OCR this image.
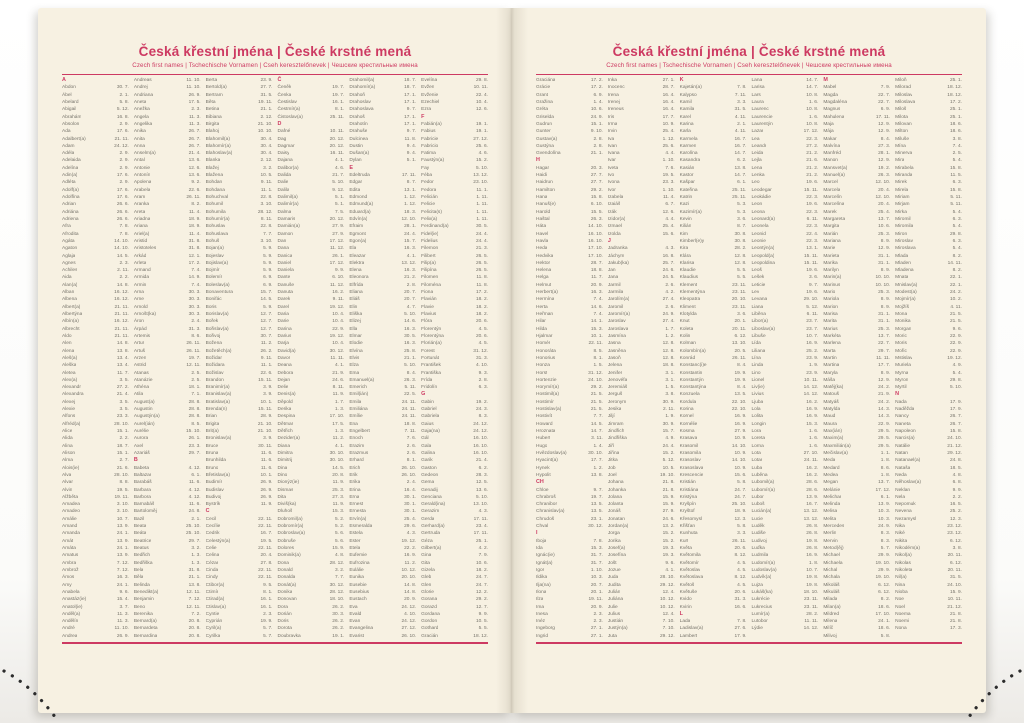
Česká křestní jména | České krstné mená
Czech first names | Tschechische Vornamen | Cseh keresztelőnevek | Чешские крестильные имена
A
Abdon	30. 7.
Ábel	2. 1.
Abelard	5. 8.
Abigail	5. 12.
Abrahám	16. 8.
Absolon	2. 9.
Ada	17. 6.
Adalbert(a)	21. 11.
Adam	24. 12.
Adéla	2. 9.
Adelaida	2. 9.
Adelína	2. 9.
Adin(a)	17. 6.
Adléta	2. 9.
Adolf(a)	17. 6.
Adolfína	17. 6.
Adrian	26. 6.
Adriána	26. 6.
Adriena	26. 6.
Afra	7. 8.
Afrodita	7. 8.
Agáta	14. 10.
Agaton	14. 10.
Aglaja	14. 5.
Agnes	2. 3.
Achiles	2. 11.
Aida	2. 2.
Alan(a)	14. 8.
Alban	16. 12.
Albena	16. 12.
Albert(a)	21. 11.
Albertýna	21. 11.
Albín(a)	16. 12.
Albrecht	21. 11.
Aldo	21. 11.
Alen	14. 8.
Alena	13. 8.
Aleš(a)	13. 4.
Aleška	13. 4.
Aletea	11. 7.
Alex(a)	3. 5.
Alexandr	27. 2.
Alexandra	21. 4.
Alexej	3. 5.
Alexie	3. 5.
Alfons	23. 3.
Alfréd(a)	28. 10.
Alice	15. 1.
Alida	2. 2.
Alina	18. 7.
Alison	15. 1.
Alma	2. 7.
Alois(ie)	21. 6.
Alva	28. 10.
Alvar	8. 8.
Alvin	19. 5.
Alžběta	19. 11.
Amadea	3. 10.
Amadeo	3. 10.
Amálie	10. 7.
Amand	13. 9.
Amanda	24. 1.
Amát	13. 9.
Amáta	24. 1.
Amatus	13. 9.
Ambra	7. 12.
Ambrož	7. 12.
Ámos	16. 3.
Amy	24. 1.
Anabela	9. 6.
Anastáz(ie)	15. 4.
Anatol(ie)	3. 7.
Anděl(a)	11. 3.
Andělín	11. 3.
André	11. 10.
Andrea	26. 9.
Andreas	11. 10.
Andrej	11. 10.
Andriana	26. 9.
Aneta	17. 5.
Anežka	2. 3.
Angela	11. 3.
Angelika	11. 3.
Anika	26. 7.
Anita	26. 7.
Anna	26. 7.
Anselm(a)	21. 4.
Antal	13. 6.
Antonie	12. 6.
Antonín	13. 6.
Apolena	9. 2.
Arabela	22. 6.
Aram	26. 11.
Aranka	8. 2.
Areta	11. 4.
Ariadna	18. 9.
Ariana	18. 9.
Ariel(a)	11. 4.
Aristid	31. 8.
Aristoteles	31. 8.
Arkád	12. 1.
Arleta	17. 2.
Armand	7. 4.
Armida	14. 9.
Armin	7. 4.
Arna	30. 3.
Arne	30. 3.
Arnold	30. 3.
Arnošt(ka)	30. 3.
Áron	2. 4.
Árpád	31. 3.
Artemis	8. 6.
Artur	26. 11.
Artuš	26. 11.
Arzen	19. 7.
Astrid	12. 11.
Atanas	2. 5.
Atanázie	2. 5.
Athéna	18. 1.
Atila	7. 1.
August(a)	28. 8.
Augustin	28. 8.
Augustýn(a)	28. 8.
Aurel(ián)	8. 5.
Aurélie	15. 10.
Aurora	26. 1.
Axel	23. 3.
Azariáš	29. 7.
B
Babeta	4. 12.
Baltazar	6. 1.
Barabáš	11. 6.
Barbara	4. 12.
Barbora	4. 12.
Barnabáš	11. 6.
Bartoloměj	24. 8.
Bazil	2. 1.
Beata	25. 10.
Beáta	25. 10.
Beatrice	29. 7.
Beatus	3. 2.
Bedřich	1. 3.
Bedřiška	1. 3.
Bela	31. 8.
Běla	21. 1.
Belinda	13. 8.
Benedikt(a)	12. 11.
Benjamin	7. 12.
Beno	12. 11.
Berenika	7. 2.
Bernard(a)	20. 8.
Bernardeta	20. 8.
Bernardina	20. 8.
Berta	23. 9.
Bertold(a)	27. 7.
Bertram	31. 5.
Běta	19. 11.
Betina	21. 1.
Bibiana	2. 12.
Birgita	21. 10.
Blahoj	10. 10.
Blahomil(a)	30. 4.
Blahomír(a)	30. 4.
Blahoslav(a)	30. 4.
Blanka	2. 12.
Blažej	3. 2.
Blažena	10. 5.
Bohdan	9. 11.
Bohdana	11. 1.
Bohuchval	22. 8.
Bohumil	3. 10.
Bohumila	28. 12.
Bohumír(a)	8. 11.
Bohuslav	22. 8.
Bohuslava	7. 7.
Bohuš	3. 10.
Bojan(a)	5. 9.
Bojeslav	5. 9.
Bojislav(a)	5. 9.
Bojmír	5. 9.
Bolemír	6. 9.
Boleslav(a)	6. 9.
Bonaventura	15. 7.
Bonifác	14. 5.
Boris	5. 9.
Borislav(a)	12. 7.
Bořek	12. 7.
Bořislav(a)	12. 7.
Bořivoj	30. 7.
Božena	11. 2.
Božetěch(a)	26. 2.
Božidar	9. 11.
Božidara	11. 1.
Božislav	22. 6.
Brandon	15. 11.
Branimír(a)	3. 9.
Branislav(a)	3. 9.
Bratislav(a)	10. 1.
Brenda(n)	15. 11.
Brian	28. 9.
Brigita	21. 10.
Brit(a)	21. 10.
Bronislav(a)	3. 9.
Bruce	30. 11.
Bruna	11. 6.
Brunhilda	11. 6.
Bruno	11. 6.
Břetislav(a)	10. 1.
Budimír	26. 9.
Budislav	26. 9.
Budivoj	26. 9.
Bystrík	11. 9.
C
Cecil	22. 11.
Cecílie	22. 11.
Cedrik	16. 7.
Celestýn(a)	19. 5.
Celie	22. 11.
Celina	20. 4.
Cézar	27. 8.
Cinda	22. 11.
Cindy	22. 11.
Ctibor(a)	9. 5.
Ctimír	8. 1.
Ctirad(a)	16. 1.
Ctislav(a)	16. 1.
Cyntie	2. 3.
Cyprián	19. 9.
Cyril(a)	5. 7.
Cyrilka	5. 7.
Č
Čeněk	19. 7.
Čenka	19. 7.
Čestislav	16. 1.
Čestmír(a)	8. 1.
Čistoslav(a)	25. 11.
D
Dafné	10. 11.
Dag	20. 12.
Dagmar	20. 12.
Daisy	16. 11.
Dajana	4. 1.
Dalibor(a)	4. 6.
Dalida	21. 7.
Dalie	5. 10.
Dalila	9. 12.
Dalimil(a)	5. 1.
Dalimír(a)	5. 1.
Dalma	7. 5.
Damaris	20. 12.
Damián(a)	27. 9.
Damon	27. 9.
Dan	17. 12.
Dana	11. 12.
Danica	26. 1.
Daniel	17. 12.
Daniela	9. 9.
Dante	6. 10.
Danuše	11. 12.
Danuta	16. 2.
Darek	9. 11.
Darel	19. 12.
Daria	10. 4.
Darie	10. 4.
Darina	22. 9.
Darius	19. 12.
Darja	10. 4.
David(a)	30. 12.
Davor	11. 11.
Deana	4. 1.
Debora	21. 9.
Dejan	24. 6.
Delie	8. 11.
Denis(a)	11. 9.
Děpold	1. 7.
Derika	1. 3.
Despina	17. 10.
Dětmar	17. 5.
Dětřich	1. 3.
Dezider(a)	11. 2.
Diana	4. 1.
Dimitra	30. 10.
Dimitrij	30. 10.
Dina	14. 5.
Dino	20. 8.
Dionýz(ie)	11. 9.
Dismas	25. 3.
Dita	27. 3.
Diviš(ka)	11. 9.
Dluhoš	15. 3.
Dobromil(a)	5. 2.
Dobromír(a)	5. 2.
Dobroslav(a)	5. 6.
Dobruše	5. 6.
Dolores	15. 9.
Dominik(a)	4. 8.
Dona	28. 12.
Donald	3. 2.
Donalda	7. 7.
Donát(a)	30. 12.
Donika	28. 12.
Donovan	18. 10.
Dora	26. 2.
Dorián	30. 3.
Doris	26. 2.
Dorota	26. 2.
Doubravka	19. 1.
Drahomil(a)	18. 7.
Drahomír(a)	18. 7.
Drahoň	17. 1.
Drahoslav	17. 1.
Drahoslava	9. 7.
Drahoš	17. 1.
Drahotín	17. 1.
Drahuše	9. 7.
Dulcinea	11. 8.
Dustin	9. 4.
Dušan(a)	9. 4.
Dylan	5. 1.
E
Edeltruda	17. 11.
Edgar	8. 7.
Edita	13. 1.
Edmond	1. 12.
Edmund(a)	1. 12.
Eduard(a)	18. 3.
Edvín(a)	12. 10.
Efraim	28. 1.
Egmont	24. 4.
Egon(a)	15. 7.
Ela	16. 3.
Eleazar	4. 1.
Elektra	13. 12.
Elena	16. 3.
Eleonora	21. 2.
Elfrída	2. 8.
Eliana	20. 7.
Eliáš	20. 7.
Elin	4. 7.
Eliška	5. 10.
Elizej	14. 6.
Ella	16. 3.
Elmar	30. 5.
Elodie	16. 3.
Elvína	25. 8.
Elvis	21. 1.
Elza	5. 10.
Ema	8. 4.
Emanuel(a)	26. 3.
Emerich	5. 11.
Emil(ián)	22. 5.
Emila	24. 11.
Emiliána	24. 11.
Emílie	24. 11.
Ena	18. 8.
Engelbert	7. 11.
Enoch	7. 6.
Erazim	2. 6.
Erazmus	2. 6.
Erhard	8. 1.
Erich	26. 10.
Erik	26. 10.
Erika	2. 4.
Erina	16. 4.
Erna	30. 1.
Ernest	30. 1.
Ernesta	30. 1.
Ervín(a)	25. 4.
Esmeralda	29. 6.
Estela	4. 3.
Ester	19. 12.
Etela	22. 2.
Eufemie	16. 9.
Eufrozina	11. 2.
Eulálie	10. 12.
Eunika	20. 10.
Eusebie	14. 8.
Eusebius	14. 8.
Eustach	20. 9.
Eva	24. 12.
Evald	4. 10.
Evan	24. 12.
Evangelina	27. 12.
Evarist	26. 10.
Evelína	29. 8.
Evžen	10. 11.
Evženie	22. 4.
Ezechiel	10. 4.
Ezra	12. 6.
F
Fabián(a)	19. 1.
Fabius	19. 1.
Fabricie	27. 12.
Fabricio	25. 6.
Fatima	4. 6.
Faustýn(a)	15. 2.
Fay	5. 10.
Féba	13. 12.
Fedor	23. 10.
Fedora	11. 1.
Felicián	1. 11.
Felicie	1. 11.
Felicita(s)	1. 11.
Felix(a)	1. 11.
Ferdinand(a)	30. 5.
Fidel(ie)	24. 4.
Fidelius	24. 4.
Filemon	21. 3.
Filibert	26. 5.
Filip(a)	26. 5.
Filipína	26. 5.
Filomen	11. 8.
Filoména	11. 8.
Fiona	17. 2.
Flavián	18. 2.
Flavie	18. 2.
Flavius	18. 2.
Flóra	20. 6.
Florentýn	4. 5.
Florentýna	20. 6.
Florián(a)	4. 5.
Forest	31. 12.
Fortunát	31. 3.
František	4. 10.
Františka	9. 3.
Frída	2. 8.
Fridolín	6. 3.
G
Gabin	19. 2.
Gabriel	24. 3.
Gabriela	8. 3.
Gaius	24. 12.
Gaja(na)	24. 12.
Gál	16. 10.
Gala	16. 10.
Galina	16. 10.
Garik	21. 4.
Gaston	6. 2.
Gedeon	28. 3.
Gema	12. 5.
Genadij	13. 6.
Genciana	5. 10.
Gerald(ina)	13. 10.
Gerazim	4. 3.
Gerda	17. 11.
Gerhard(a)	23. 4.
Gertruda	17. 11.
Géza	25. 1.
Gilbert(a)	4. 2.
Gina	7. 9.
Gita	10. 6.
Gizela	18. 2.
Gleb	24. 7.
Glen	24. 7.
Glorie	12. 2.
Gorana	29. 2.
Gorazd	12. 7.
Gordana	9. 9.
Gordon	10. 5.
Gothard	5. 5.
Gracián	18. 12.
Česká křestní jména | České krstné mená
Czech first names | Tschechische Vornamen | Cseh keresztelőnevek | Чешские крестильные имена
Graciána	17. 2.
Grácie	17. 2.
Grant	6. 9.
Gražina	1. 4.
Gréta	10. 6.
Griselda	24. 9.
Gudrun	15. 1.
Gunter	9. 10.
Gustav(a)	2. 8.
Gustýna	2. 8.
Gvendolína	21. 1.
H
Hagar	20. 3.
Haidi	27. 7.
Haidrun	27. 7.
Hamilton	29. 2.
Hana	15. 8.
Hanuš(e)	6. 10.
Harold	15. 5.
Haštal	26. 3.
Háta	14. 10.
Havel	16. 10.
Havla	16. 10.
Heda	17. 10.
Hedvika	17. 10.
Hektor	28. 7.
Helena	18. 8.
Helga	11. 7.
Helmut	20. 9.
Herbert(a)	16. 3.
Hermína	7. 4.
Herta	14. 6.
Heřman	7. 4.
Hilar	14. 1.
Hilda	15. 3.
Hjalmar	10. 1.
Homér	22. 11.
Honoráta	8. 5.
Honorius	8. 1.
Honza	1. 5.
Horst	31. 12.
Hortenzie	24. 10.
Horymír(a)	29. 2.
Hostimil(a)	21. 5.
Hostimír	21. 5.
Hostislav(a)	21. 5.
Hostivít	7. 7.
Howard	14. 5.
Hroznata	14. 7.
Hubert	3. 11.
Hugo	1. 4.
Hvězdoslav(a)	30. 10.
Hyacint(a)	17. 7.
Hynek	1. 2.
Hypolit	13. 8.
CH
Chloe	9. 7.
Chrabroš	19. 7.
Chranibor	13. 5.
Chranislav(a)	13. 5.
Chrudoš	23. 1.
Chval	30. 12.
I
Iboja	7. 8.
Ida	15. 3.
Ignác(ie)	31. 7.
Ignát(a)	31. 7.
Igor	1. 10.
Ildika	10. 3.
Ilja(na)	20. 7.
Ilona	20. 1.
Ilza	19. 11.
Ima	20. 9.
Inesa	2. 3.
Inéz	2. 3.
Ingeborg	27. 1.
Ingrid	27. 1.
Inka	27. 1.
Inocenc	28. 7.
Irena	16. 4.
Irenej	16. 4.
Ireneus	16. 4.
Iris	17. 7.
Irma	10. 9.
Irvin	25. 4.
Iva	1. 12.
Ivan	25. 6.
Ivana	4. 4.
Ivar	1. 10.
Iveta	7. 6.
Ivo	19. 5.
Ivona	23. 3.
Ivor	1. 10.
Izabela	11. 4.
Izaiáš	6. 7.
Izák	12. 6.
Izidor(a)	4. 4.
Izmael	25. 4.
Izolda	15. 6.
J
Jadranka	4. 3.
Jáchym	16. 8.
Jakub(ka)	25. 7.
Jan	24. 6.
Jana	24. 5.
Jarmil	2. 6.
Jarmila	4. 2.
Jarolím(a)	27. 4.
Jaromil	2. 6.
Jaromír(a)	24. 9.
Jaroslav	27. 4.
Jaroslava	1. 7.
Jasmína	1. 2.
Jasna	12. 8.
Jasněna	12. 8.
Jasoň	12. 8.
Jelena	18. 8.
Jenifer	3. 1.
Jenovéfa	3. 1.
Jeremiáš	1. 5.
Jerguš	3. 8.
Jeronym	30. 9.
Jesika	2. 11.
Jiljí	1. 9.
Jimram	30. 9.
Jindřich	15. 7.
Jindřiška	4. 9.
Jiří	24. 4.
Jiřina	15. 2.
Jitka	5. 12.
Job	10. 5.
Joel	19. 10.
Johana	21. 8.
Johanka	21. 8.
Jolana	15. 9.
Jolanta	15. 9.
Jonáš	27. 9.
Jonatan	24. 6.
Jordan(a)	13. 2.
Jorga	15. 2.
Jorika	15. 2.
Josef(a)	19. 3.
Josefína	19. 3.
Jošt	9. 6.
Jozue	4. 1.
Juda	28. 10.
Judita	29. 12.
Julián	12. 4.
Juliána	10. 12.
Julie	10. 12.
Julius	12. 4.
Justián	7. 10.
Justýn(a)	7. 10.
Juta	29. 12.
K
Kajetán(a)	7. 8.
Kalypso	7. 11.
Kamil	3. 3.
Kamila	31. 5.
Karel	4. 11.
Karina	2. 1.
Karla	4. 11.
Karmela	16. 7.
Karmen	16. 7.
Karolína	14. 7.
Kasandra	6. 2.
Kasián	13. 8.
Kastor	14. 7.
Kašpar	6. 1.
Kateřina	25. 11.
Katrin	25. 11.
Kazi	5. 3.
Kazimír(a)	5. 3.
Kevin	3. 6.
Kilián	8. 7.
Kim	30. 8.
Kimberl(e)y	30. 8.
Kira	28. 2.
Klára	12. 8.
Klarisa	12. 8.
Klaudie	5. 5.
Klaudius	5. 5.
Klement	23. 11.
Klementýna	23. 11.
Kleopatra	20. 10.
Kliment	23. 11.
Klotylda	3. 6.
Knut	20. 1.
Koleta	20. 11.
Kolin	6. 12.
Kolman	13. 10.
Kolombín(a)	20. 5.
Konrád	26. 11.
Konstanc(i)e	8. 4.
Konstantin	19. 9.
Konstantýn	19. 9.
Konstantýna	8. 4.
Konzuela	13. 5.
Kordula	22. 10.
Korina	22. 10.
Kornel	16. 9.
Kornélie	16. 9.
Kosma	27. 9.
Krasava	10. 9.
Krasomil	14. 10.
Krasomila	10. 9.
Krasoslav	14. 10.
Krasoslava	10. 9.
Krescencie	15. 6.
Kristián	5. 8.
Kristiána	24. 7.
Kristýna	24. 7.
Kryšpín	25. 10.
Kryštof	18. 9.
Křesomysl	12. 3.
Křišťan	5. 8.
Kunhuta	3. 3.
Kurt	26. 11.
Květa	20. 6.
Květomila	8. 12.
Květomír	4. 5.
Květoslav	4. 5.
Květoslava	8. 12.
Květoš	4. 5.
Květuše	20. 6.
Kvido	31. 3.
Kvirin	16. 6.
L
Lada	7. 8.
Ladislav(a)	27. 6.
Lambert	17. 9.
Lana	14. 7.
Larisa	14. 7.
Lars	10. 8.
Laura	1. 6.
Laurenc	10. 8.
Laurencie	1. 6.
Laurentýn	10. 8.
Lazar	17. 12.
Lea	22. 3.
Leandr	27. 2.
Leida	21. 2.
Lejla	21. 6.
Lena	21. 2.
Lenka	21. 2.
Leo	19. 6.
Leodegar	15. 11.
Leokádie	22. 3.
Leon	19. 6.
Leona	22. 3.
Leonard(a)	6. 11.
Leonela	22. 3.
Leonid	22. 4.
Leonie	22. 3.
Leontýn(a)	13. 1.
Leopold(a)	15. 11.
Leopoldina	15. 11.
Leoš	19. 6.
Lešek	3. 6.
Leticie	9. 7.
Lev	19. 6.
Levana	29. 10.
Liana	5. 12.
Liběna	6. 11.
Libor(a)	23. 7.
Liboslav(a)	23. 7.
Libuše	10. 7.
Lída	16. 9.
Liliana	25. 2.
Lína	23. 9.
Linda	1. 9.
Lino	23. 9.
Lionel	10. 11.
Liv(ie)	14. 12.
Livius	14. 12.
Ljuba	16. 2.
Lola	16. 9.
Lolita	16. 9.
Longin	15. 3.
Lora	1. 6.
Loreta	1. 6.
Lorna	1. 6.
Lota	27. 10.
Lotar	24. 11.
Luba	16. 2.
Luběna	16. 2.
Lubomil(a)	28. 6.
Lubomír(a)	28. 6.
Lubor	13. 9.
Luboš	16. 7.
Lucián(a)	13. 12.
Lucie	13. 12.
Luděk	26. 8.
Ludiše	26. 8.
Ludivoj	19. 8.
Luďka	26. 8.
Ludmila	16. 9.
Ludomír(a)	1. 8.
Ludoslav(a)	10. 7.
Ludvík(a)	19. 8.
Lujza	19. 8.
Lukáš(ka)	18. 10.
Lukrécie	23. 11.
Lukrecius	23. 11.
Lumír(a)	28. 2.
Lutobor	11. 11.
Lýdie	14. 12.
M
Mabel	7. 9.
Magda	22. 7.
Magdaléna	22. 7.
Magnus	6. 9.
Mahulena	17. 11.
Maja	12. 9.
Mája	12. 9.
Makar	8. 4.
Malvína	27. 3.
Manfréd	28. 1.
Manon	12. 9.
Mansvet(a)	19. 2.
Manuel(a)	26. 3.
Marcel	12. 10.
Marcela	20. 4.
Marcelín	12. 10.
Marcelína	20. 4.
Marek	25. 4.
Margareta	13. 7.
Margita	10. 6.
Marián	25. 3.
Mariana	8. 9.
Marie	12. 9.
Marieta	31. 1.
Marika	31. 1.
Marilyn	8. 9.
Marin(a)	10. 10.
Marinus	10. 10.
Mario	25. 3.
Mariola	8. 9.
Marion	8. 9.
Marisa	31. 1.
Marita	31. 1.
Marius	25. 3.
Markéta	13. 7.
Marlena	22. 7.
Marta	29. 7.
Martin	11. 11.
Martina	17. 7.
Maryla	8. 9.
Máša	12. 9.
Matěj(ka)	24. 2.
Matouš	21. 9.
Matyáš	24. 2.
Matylda	14. 3.
Maud	14. 3.
Maura	22. 9.
Max(ián)	29. 5.
Maxim(a)	29. 5.
Maxmilián(a)	29. 5.
Mečislav(a)	1. 1.
Meda	1. 8.
Medard	8. 6.
Medea	1. 8.
Megan	13. 7.
Melánie	17. 12.
Melichar	6. 1.
Melinda	13. 9.
Melisa	10. 3.
Melita	10. 3.
Mercedes	24. 9.
Merlin	8. 3.
Mervin	8. 3.
Metod(ěj)	5. 7.
Michael	29. 9.
Michaela	19. 10.
Michal	29. 9.
Michala	19. 10.
Mikoláš	6. 12.
Mikuláš	6. 12.
Milada	8. 2.
Milan(a)	18. 6.
Mildred	17. 10.
Milena	24. 1.
Milíč	18. 6.
Milivoj	5. 8.
Miloň	25. 1.
Milorad	18. 12.
Miloslav	18. 12.
Miloslava	17. 2.
Miloš	25. 1.
Milota	25. 1.
Milovan	18. 6.
Milton	18. 6.
Miluše	3. 8.
Mína	7. 4.
Minerva	2. 5.
Mira	5. 4.
Mirabela	15. 8.
Miranda	11. 5.
Mirek	6. 3.
Mirela	15. 8.
Miriam	5. 11.
Mirjam	5. 11.
Mirka	5. 4.
Miromil	6. 3.
Miromila	5. 4.
Miron	29. 8.
Miroslav	6. 3.
Miroslava	5. 4.
Mlada	8. 2.
Mladen	14. 11.
Mladena	8. 2.
Mnata	22. 1.
Mnislav(a)	22. 1.
Modest(a)	24. 2.
Mojmír(a)	10. 2.
Mojžíš	4. 11.
Mona	21. 5.
Monika	21. 5.
Morgan	9. 6.
Moric	22. 9.
Moris	22. 9.
Mořic	22. 9.
Mstislav	19. 12.
Muriela	4. 9.
Myrna	5. 4.
Myron	29. 8.
Myrtil	5. 10.
N
Nada	17. 9.
Naděžda	17. 9.
Nancy	26. 7.
Naneta	26. 7.
Napoleon	15. 8.
Narcis(a)	24. 10.
Natálie	21. 12.
Natan	29. 12.
Natanael(a)	24. 8.
Nataša	18. 5.
Neda	4. 8.
Něhoslav(a)	6. 8.
Neklan	9. 9.
Nela	2. 2.
Nepomuk	16. 5.
Nevena	25. 2.
Nezamysl	12. 3.
Nika	23. 12.
Niké	23. 12.
Nikita	6. 12.
Nikodém(a)	3. 8.
Nikol(a)	20. 11.
Nikolas	6. 12.
Nikoleta	20. 11.
Nil(a)	31. 5.
Nina	24. 10.
Nioba	15. 9.
Noe	10. 11.
Noel	21. 12.
Noema	21. 8.
Noemi	21. 8.
Nona	17. 3.
